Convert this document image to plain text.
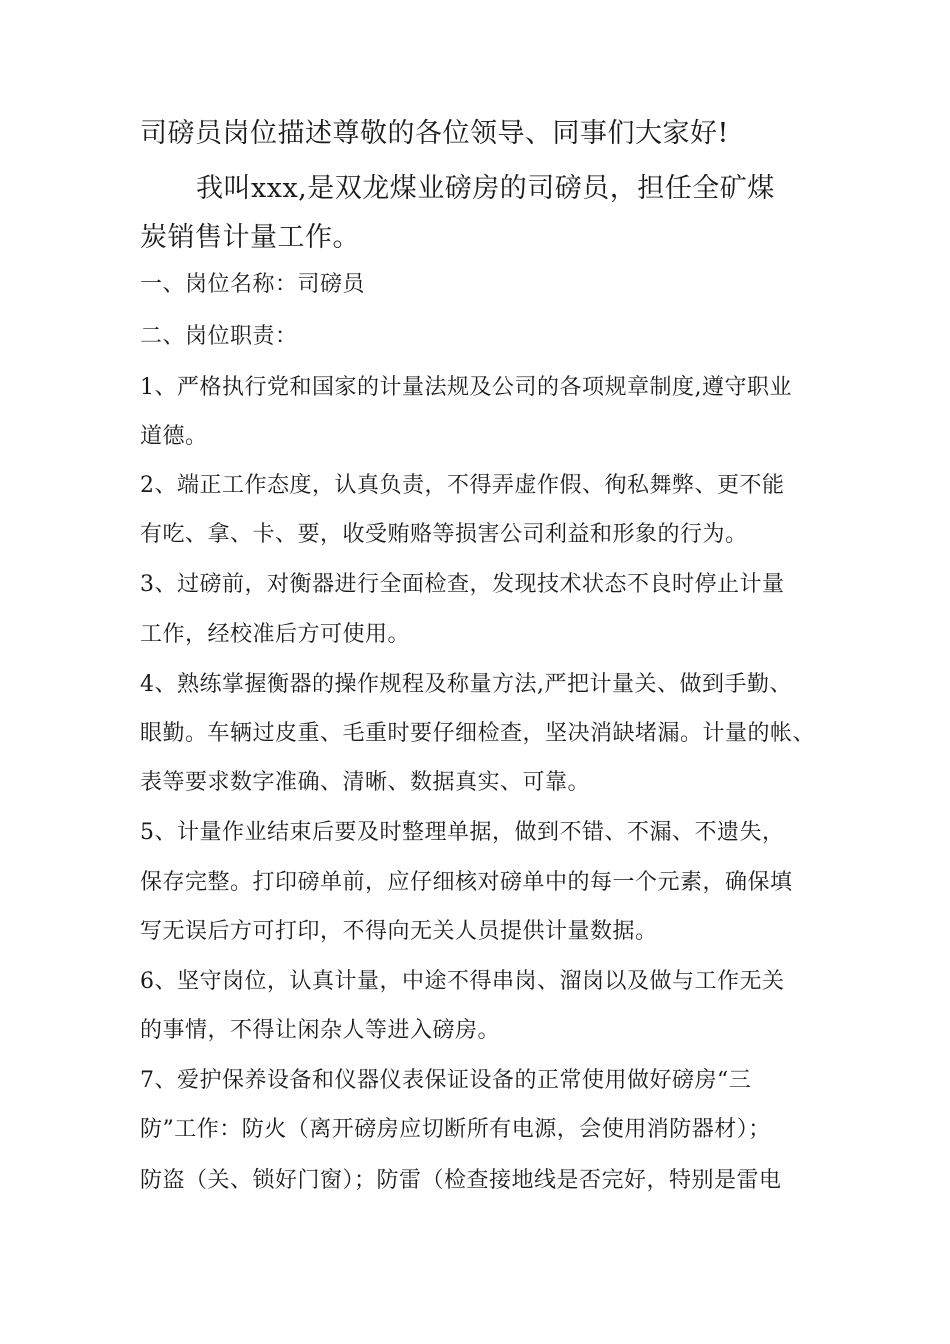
司磅员岗位描述尊敬的各位领导、同事们大家好!
我叫xxx,是双龙煤业磅房的司磅员，担任全矿煤
炭销售计量工作。
一、岗位名称：司磅员
二、岗位职责：
1、严格执行党和国家的计量法规及公司的各项规章制度,遵守职业
道德。
2、端正工作态度，认真负责，不得弄虚作假、徇私舞弊、更不能
有吃、拿、卡、要，收受贿赂等损害公司利益和形象的行为。
3、过磅前，对衡器进行全面检查，发现技术状态不良时停止计量
工作，经校准后方可使用。
4、熟练掌握衡器的操作规程及称量方法,严把计量关、做到手勤、
眼勤。车辆过皮重、毛重时要仔细检查，坚决消缺堵漏。计量的帐、
表等要求数字准确、清晰、数据真实、可靠。
5、计量作业结束后要及时整理单据，做到不错、不漏、不遗失，
保存完整。打印磅单前，应仔细核对磅单中的每一个元素，确保填
写无误后方可打印，不得向无关人员提供计量数据。
6、坚守岗位，认真计量，中途不得串岗、溜岗以及做与工作无关
的事情，不得让闲杂人等进入磅房。
7、爱护保养设备和仪器仪表保证设备的正常使用做好磅房“三
防”工作：防火（离开磅房应切断所有电源，会使用消防器材）；
防盗（关、锁好门窗）；防雷（检查接地线是否完好，特别是雷电
